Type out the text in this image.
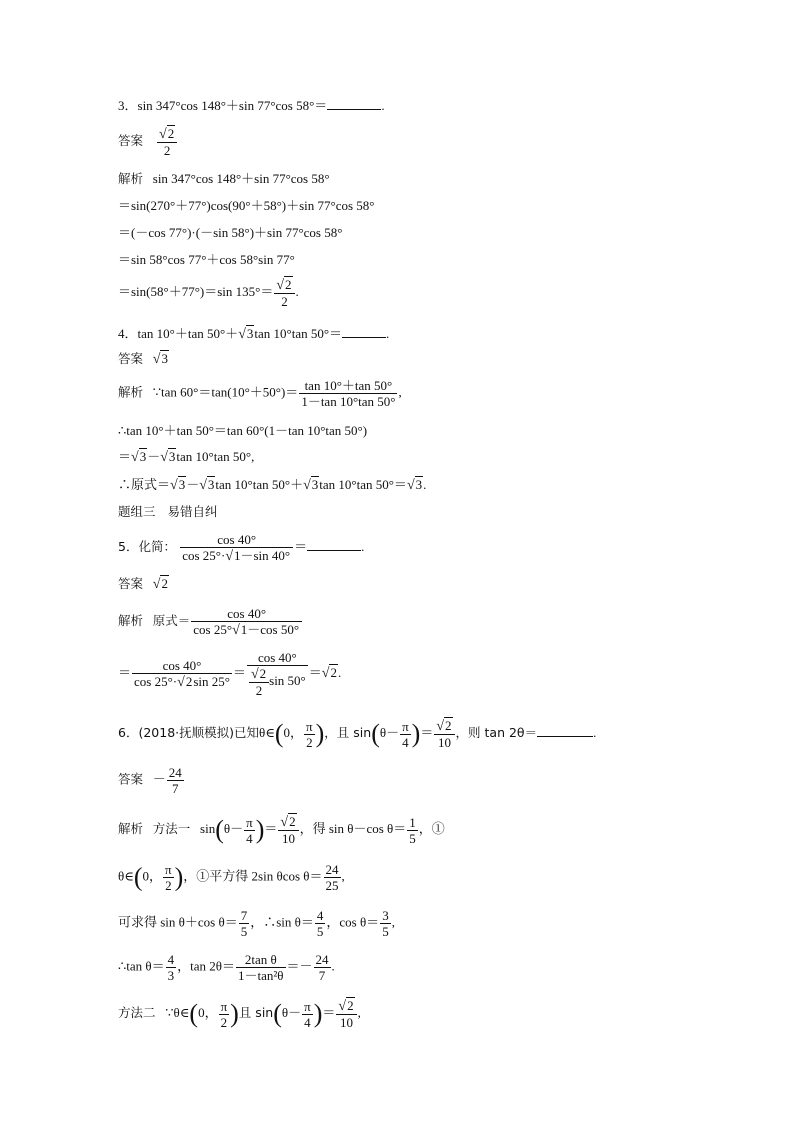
3．sin 347°cos 148°＋sin 77°cos 58°＝	.
答案 $\frac{√2}{2}$
解析 sin 347°cos 148°＋sin 77°cos 58°
＝sin(270°＋77°)cos(90°＋58°)＋sin 77°cos 58°
＝(－cos 77°)·(－sin 58°)＋sin 77°cos 58°
＝sin 58°cos 77°＋cos 58°sin 77°
＝sin(58°＋77°)＝sin $135^\circ= \frac{√2}{2}$ .
4．tan 10°＋tan 50°＋√3tan 10°tan 50°＝	.
答案 √3
解析 ∵tan $60^\circ=\tan(10^\circ+50^\circ)= \frac{\tan 10^\circ+\tan 50^\circ}{1-\tan 10^\circ\tan 50^\circ}$ ,
∴tan 10°＋tan 50°＝tan 60°(1－tan 10°tan 50°)
＝√3－√3tan 10°tan 50°,
∴原式＝√3－√3tan 10°tan 50°＋√3tan 10°tan 50°＝√3.
题组三 易错自纠
5．化简： $\frac{\cos 40^\circ}{\cos 25^\circ\cdot√1-\sin 40^\circ}$ ＝	.
答案 √2
解析 原式＝ $\frac{\cos 40^\circ}{\cos 25^\circ√1-\cos 50^\circ}$
＝ $\frac{\cos 40^\circ}{\cos 25^\circ\cdot√2\sin 25^\circ} = \frac{\cos 40^\circ}{\frac{√2}{2} \sin 50^\circ} =√2$.
6．(2018·抚顺模拟)已知θ∈(0， $\frac{\pi}{2}$ )，且 $\sin(\theta- \frac{\pi}{4}$ )＝ $\frac{√2}{10}$ ，则 tan 2θ＝	.
答案 － $\frac{24}{7}$
解析 方法一 $\sin(\theta- \frac{\pi}{4}$ )＝ $\frac{√2}{10}$ ，得 sin θ－cos $\theta= \frac{1}{5}$ ，①
θ∈(0， $\frac{\pi}{2}$ )，①平方得 2sin θcos $\theta= \frac{24}{25}$ ,
可求得 sin θ＋cos $\theta= \frac{7}{5}$ ，∴sin $\theta= \frac{4}{5}$ ，$\cos \theta= \frac{3}{5}$ ,
∴tan $\theta= \frac{4}{3}$ ，$\tan 2\theta= \frac{\text{2tan θ}}{\text{1－tan²θ}} =- \frac{24}{7}$ .
方法二 ∵θ∈(0， $\frac{\pi}{2}$ )且 $\sin(\theta- \frac{\pi}{4}$ )＝ $\frac{√2}{10}$ ,
